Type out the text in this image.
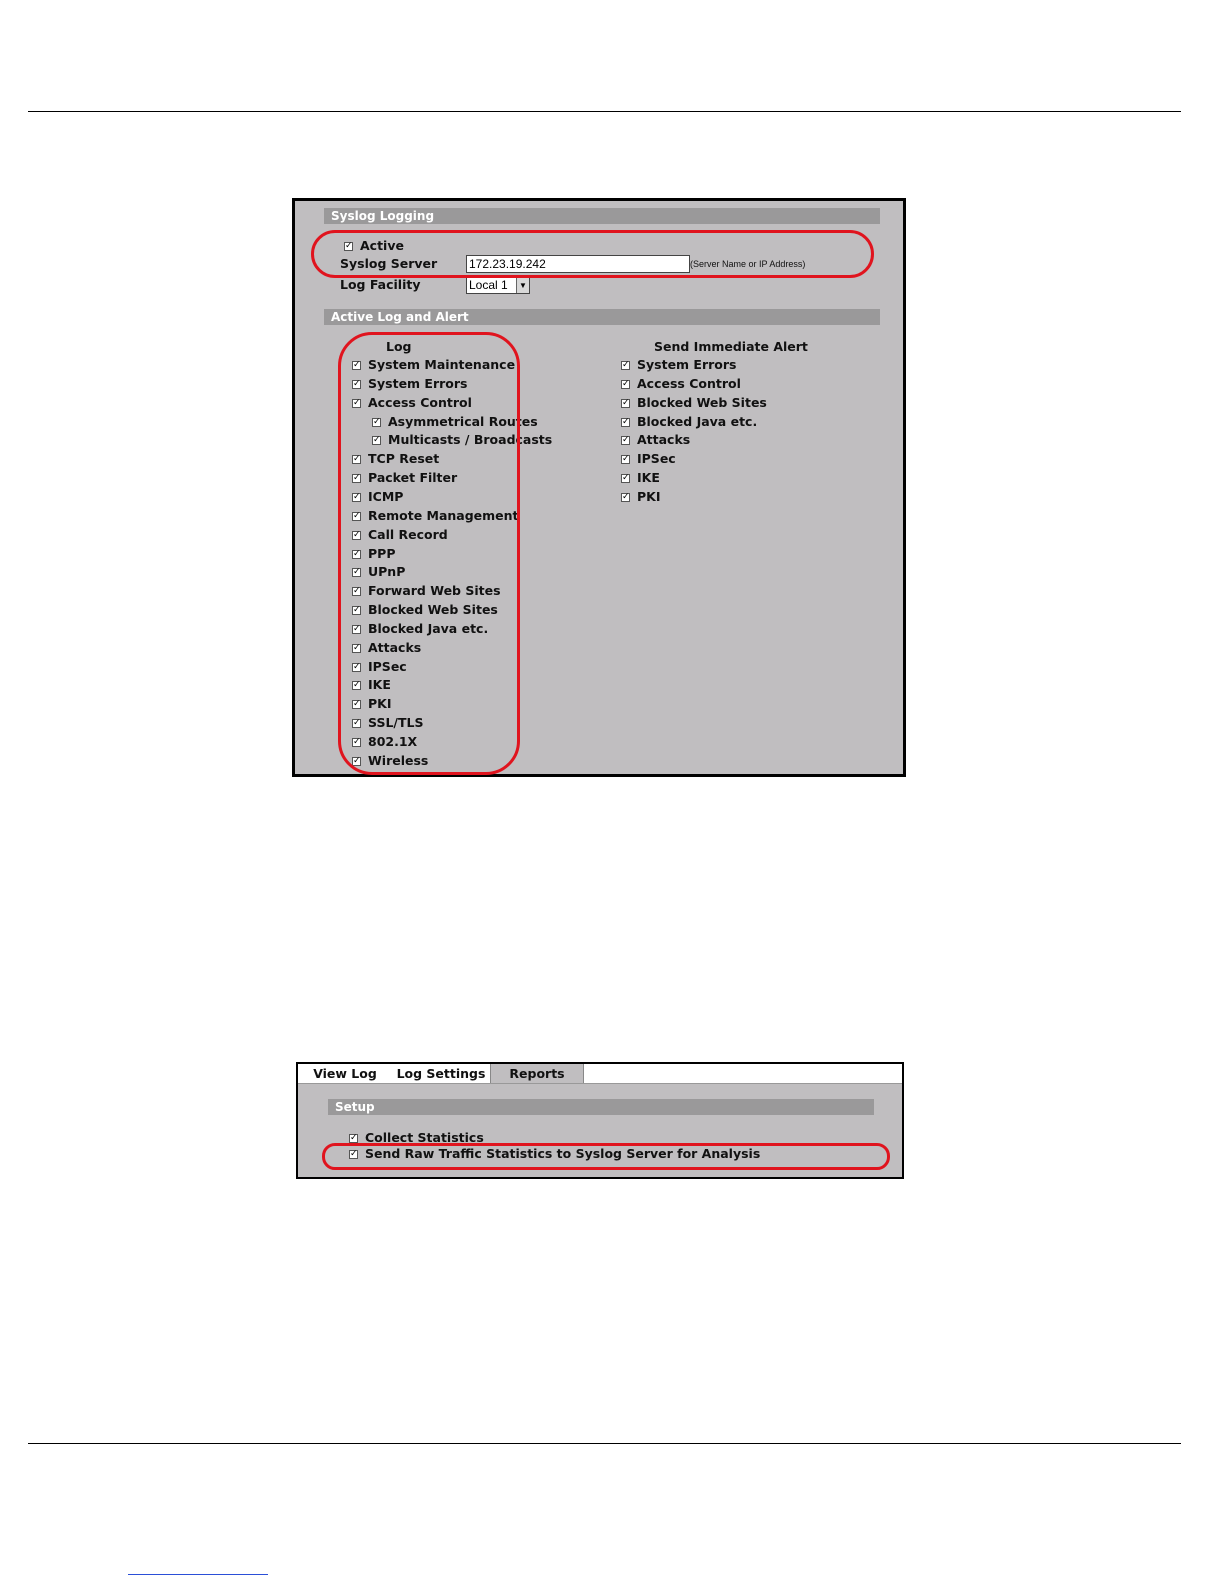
Syslog Logging
✓
Active
Syslog Server	172.23.19.242	(Server Name or IP Address)
Log Facility	Local 1	▼
Active Log and Alert
Log	Send Immediate Alert
✓
System Maintenance
✓
System Errors
✓
Access Control
✓
Asymmetrical Routes
✓
Multicasts / Broadcasts
✓
TCP Reset
✓
Packet Filter
✓
ICMP
✓
Remote Management
✓
Call Record
✓
PPP
✓
UPnP
✓
Forward Web Sites
✓
Blocked Web Sites
✓
Blocked Java etc.
✓
Attacks
✓
IPSec
✓
IKE
✓
PKI
✓
SSL/TLS
✓
802.1X
✓
Wireless
✓
System Errors
✓
Access Control
✓
Blocked Web Sites
✓
Blocked Java etc.
✓
Attacks
✓
IPSec
✓
IKE
✓
PKI
View Log	Log Settings	Reports
Setup
✓
Collect Statistics
✓
Send Raw Traffic Statistics to Syslog Server for Analysis
